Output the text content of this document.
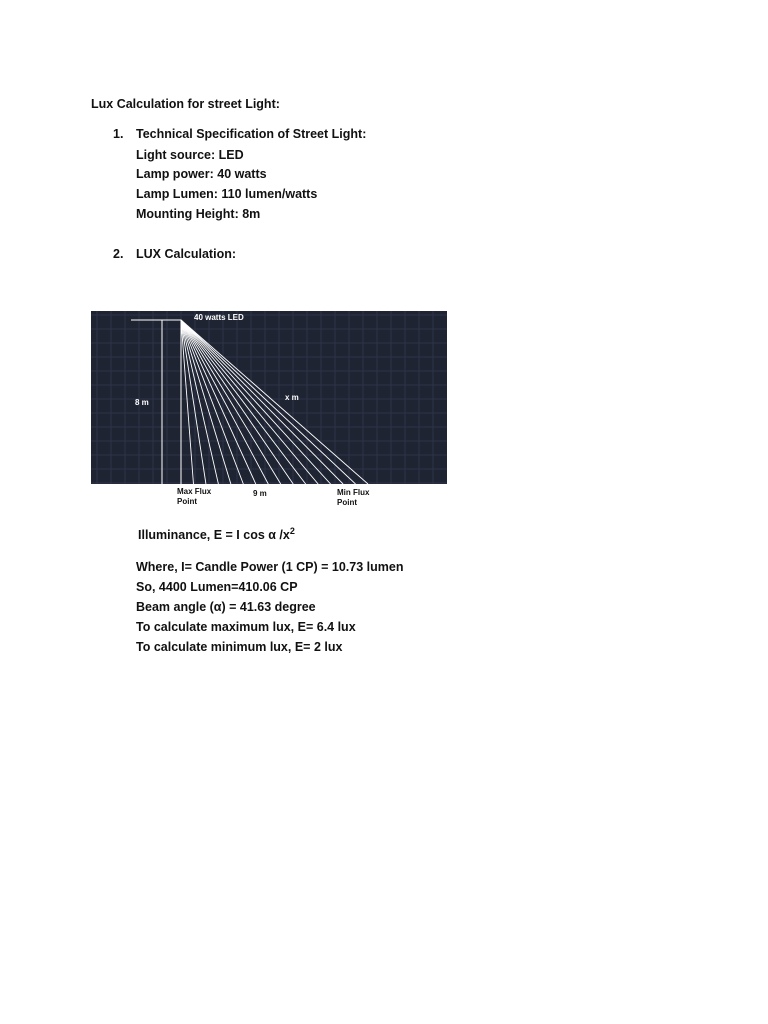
Lux Calculation for street Light:
1. Technical Specification of Street Light:
Light source: LED
Lamp power: 40 watts
Lamp Lumen: 110 lumen/watts
Mounting Height: 8m
2. LUX Calculation:
40 watts LED
8 m
x m
Max Flux
Point
9 m	Min Flux
Point
Illuminance, E = I cos α $/x^2$
Where, I= Candle Power (1 CP) = 10.73 lumen
So, 4400 Lumen=410.06 CP
Beam angle (α) = 41.63 degree
To calculate maximum lux, E= 6.4 lux
To calculate minimum lux, E= 2 lux
